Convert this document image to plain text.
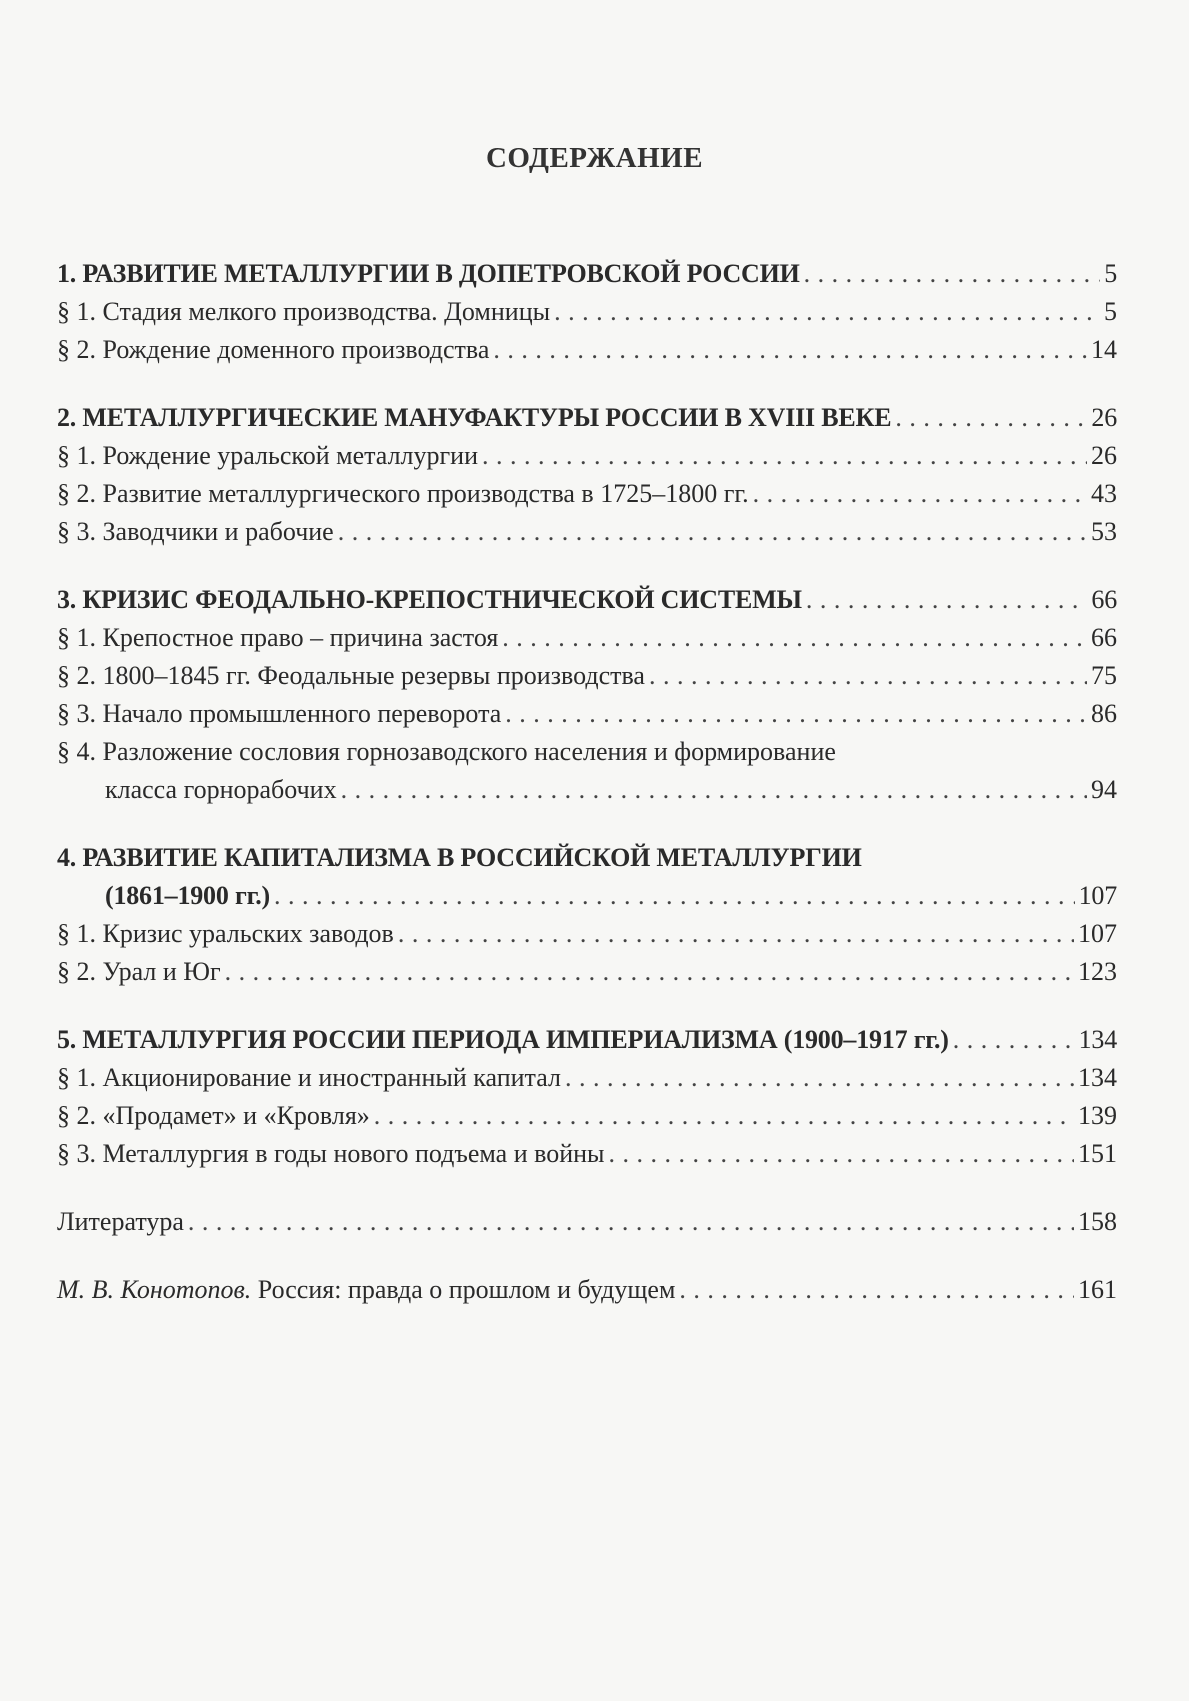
СОДЕРЖАНИЕ
1. РАЗВИТИЕ МЕТАЛЛУРГИИ В ДОПЕТРОВСКОЙ РОССИИ . . .	5
§ 1. Стадия мелкого производства. Домницы . . .	5
§ 2. Рождение доменного производства . . .	14
2. МЕТАЛЛУРГИЧЕСКИЕ МАНУФАКТУРЫ РОССИИ В XVIII ВЕКЕ . . .	26
§ 1. Рождение уральской металлургии . . .	26
§ 2. Развитие металлургического производства в 1725–1800 гг. . . .	43
§ 3. Заводчики и рабочие . . .	53
3. КРИЗИС ФЕОДАЛЬНО-КРЕПОСТНИЧЕСКОЙ СИСТЕМЫ . . .	66
§ 1. Крепостное право – причина застоя . . .	66
§ 2. 1800–1845 гг. Феодальные резервы производства . . .	75
§ 3. Начало промышленного переворота . . .	86
§ 4. Разложение сословия горнозаводского населения и формирование
класса горнорабочих . . .	94
4. РАЗВИТИЕ КАПИТАЛИЗМА В РОССИЙСКОЙ МЕТАЛЛУРГИИ
(1861–1900 гг.) . . .	107
§ 1. Кризис уральских заводов . . .	107
§ 2. Урал и Юг . . .	123
5. МЕТАЛЛУРГИЯ РОССИИ ПЕРИОДА ИМПЕРИАЛИЗМА (1900–1917 гг.) . . .	134
§ 1. Акционирование и иностранный капитал . . .	134
§ 2. «Продамет» и «Кровля» . . .	139
§ 3. Металлургия в годы нового подъема и войны . . .	151
Литература . . .	158
М. В. Конотопов. Россия: правда о прошлом и будущем . . .	161
